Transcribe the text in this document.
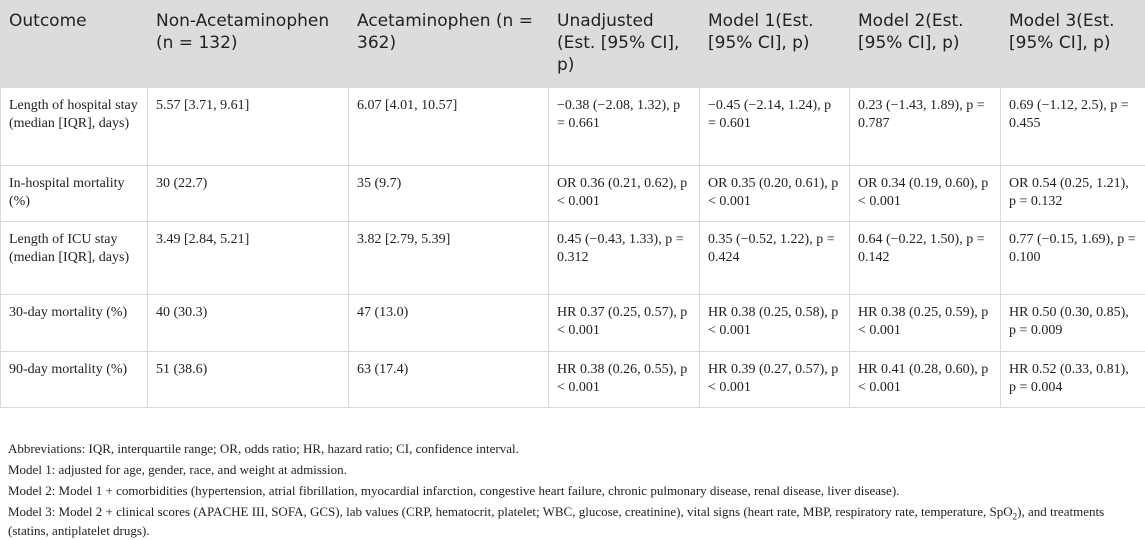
Outcome	Non-Acetaminophen (n = 132)	Acetaminophen (n = 362)	Unadjusted (Est. [95% CI], p)	Model 1(Est. [95% CI], p)	Model 2(Est. [95% CI], p)	Model 3(Est. [95% CI], p)
Length of hospital stay (median [IQR], days)	5.57 [3.71, 9.61]	6.07 [4.01, 10.57]	−0.38 (−2.08, 1.32), p = 0.661	−0.45 (−2.14, 1.24), p = 0.601	0.23 (−1.43, 1.89), p = 0.787	0.69 (−1.12, 2.5), p = 0.455
In-hospital mortality (%)	30 (22.7)	35 (9.7)	OR 0.36 (0.21, 0.62), p < 0.001	OR 0.35 (0.20, 0.61), p < 0.001	OR 0.34 (0.19, 0.60), p < 0.001	OR 0.54 (0.25, 1.21), p = 0.132
Length of ICU stay (median [IQR], days)	3.49 [2.84, 5.21]	3.82 [2.79, 5.39]	0.45 (−0.43, 1.33), p = 0.312	0.35 (−0.52, 1.22), p = 0.424	0.64 (−0.22, 1.50), p = 0.142	0.77 (−0.15, 1.69), p = 0.100
30-day mortality (%)	40 (30.3)	47 (13.0)	HR 0.37 (0.25, 0.57), p < 0.001	HR 0.38 (0.25, 0.58), p < 0.001	HR 0.38 (0.25, 0.59), p < 0.001	HR 0.50 (0.30, 0.85), p = 0.009
90-day mortality (%)	51 (38.6)	63 (17.4)	HR 0.38 (0.26, 0.55), p < 0.001	HR 0.39 (0.27, 0.57), p < 0.001	HR 0.41 (0.28, 0.60), p < 0.001	HR 0.52 (0.33, 0.81), p = 0.004

Abbreviations: IQR, interquartile range; OR, odds ratio; HR, hazard ratio; CI, confidence interval.

Model 1: adjusted for age, gender, race, and weight at admission.

Model 2: Model 1 + comorbidities (hypertension, atrial fibrillation, myocardial infarction, congestive heart failure, chronic pulmonary disease, renal disease, liver disease).

Model 3: Model 2 + clinical scores (APACHE III, SOFA, GCS), lab values (CRP, hematocrit, platelet; WBC, glucose, creatinine), vital signs (heart rate, MBP, respiratory rate, temperature, SpO$_2$), and treatments (statins, antiplatelet drugs).
